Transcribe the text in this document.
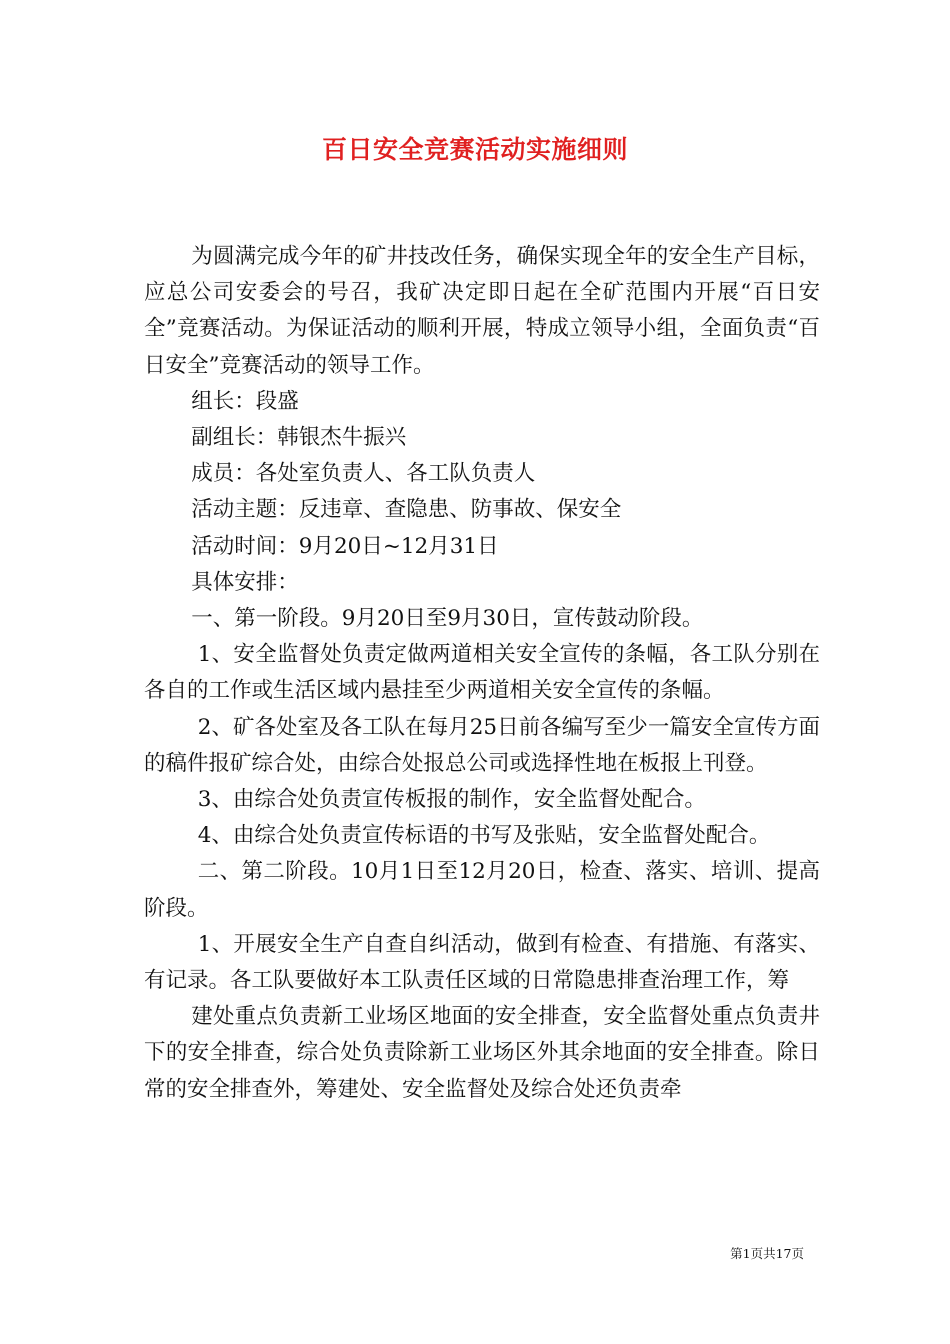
百日安全竞赛活动实施细则

为圆满完成今年的矿井技改任务，确保实现全年的安全生产目标，应总公司安委会的号召，我矿决定即日起在全矿范围内开展“百日安全”竞赛活动。为保证活动的顺利开展，特成立领导小组，全面负责“百日安全”竞赛活动的领导工作。

组长：段盛

副组长：韩银杰牛振兴

成员：各处室负责人、各工队负责人

活动主题：反违章、查隐患、防事故、保安全

活动时间：9月20日~12月31日

具体安排：

一、第一阶段。9月20日至9月30日，宣传鼓动阶段。

1、安全监督处负责定做两道相关安全宣传的条幅，各工队分别在各自的工作或生活区域内悬挂至少两道相关安全宣传的条幅。

2、矿各处室及各工队在每月25日前各编写至少一篇安全宣传方面的稿件报矿综合处，由综合处报总公司或选择性地在板报上刊登。

3、由综合处负责宣传板报的制作，安全监督处配合。

4、由综合处负责宣传标语的书写及张贴，安全监督处配合。

二、第二阶段。10月1日至12月20日，检查、落实、培训、提高阶段。

1、开展安全生产自查自纠活动，做到有检查、有措施、有落实、有记录。各工队要做好本工队责任区域的日常隐患排查治理工作，筹

建处重点负责新工业场区地面的安全排查，安全监督处重点负责井下的安全排查，综合处负责除新工业场区外其余地面的安全排查。除日常的安全排查外，筹建处、安全监督处及综合处还负责牵

第1页共17页
